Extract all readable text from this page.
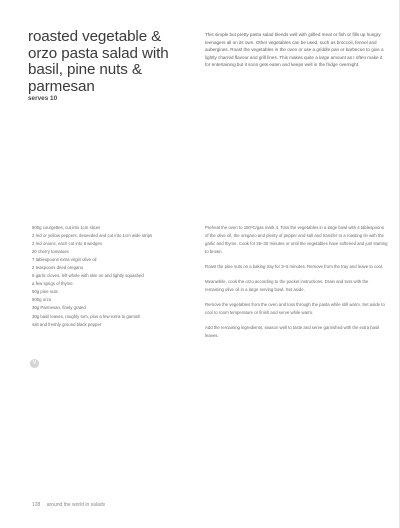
roasted vegetable & orzo pasta salad with basil, pine nuts & parmesan
serves 10

This simple but pretty pasta salad blends well with grilled meat or fish or fills up hungry teenagers all on its own. Other vegetables can be used, such as broccoli, fennel and aubergines. Roast the vegetables in the oven or use a griddle pan or barbecue to give a lightly charred flavour and grill lines. This makes quite a large amount as I often make it for entertaining but it soon gets eaten and keeps well in the fridge overnight.

500g courgettes, cut into 1cm slices
2 red or yellow peppers, deseeded and cut into 1cm wide strips
2 red onions, each cut into 8 wedges
20 cherry tomatoes
7 tablespoons extra virgin olive oil
2 teaspoons dried oregano
5 garlic cloves, left whole with skin on and lightly squashed
a few sprigs of thyme
50g pine nuts
500g orzo
30g Parmesan, finely grated
30g basil leaves, roughly torn, plus a few extra to garnish
salt and freshly ground black pepper
V

Preheat the oven to 180ºC/gas mark 4. Toss the vegetables in a large bowl with 4 tablespoons of the olive oil, the oregano and plenty of pepper and salt and transfer to a roasting tin with the garlic and thyme. Cook for 25–30 minutes or until the vegetables have softened and just starting to brown.

Roast the pine nuts on a baking tray for 3–5 minutes. Remove from the tray and leave to cool.

Meanwhile, cook the orzo according to the packet instructions. Drain and toss with the remaining olive oil in a large serving bowl. Set aside.

Remove the vegetables from the oven and toss through the pasta while still warm. Set aside to cool to room temperature or finish and serve while warm.

Add the remaining ingredients, season well to taste and serve garnished with the extra basil leaves.

128 around the world in salads
